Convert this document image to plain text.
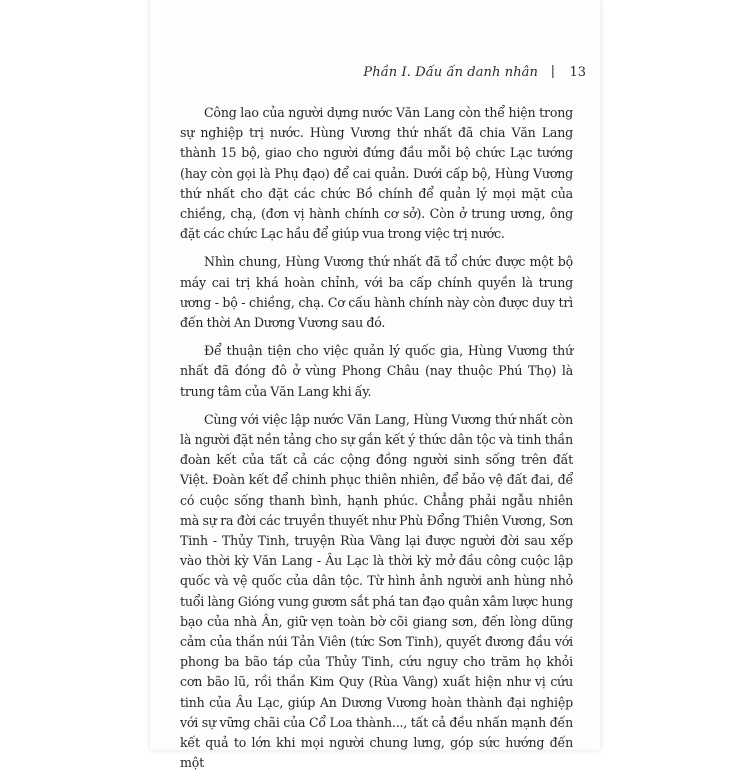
Phần I. Dấu ấn danh nhân | 13

Công lao của người dựng nước Văn Lang còn thể hiện trong sự nghiệp trị nước. Hùng Vương thứ nhất đã chia Văn Lang thành 15 bộ, giao cho người đứng đầu mỗi bộ chức Lạc tướng (hay còn gọi là Phụ đạo) để cai quản. Dưới cấp bộ, Hùng Vương thứ nhất cho đặt các chức Bồ chính để quản lý mọi mặt của chiềng, chạ, (đơn vị hành chính cơ sở). Còn ở trung ương, ông đặt các chức Lạc hầu để giúp vua trong việc trị nước.

Nhìn chung, Hùng Vương thứ nhất đã tổ chức được một bộ máy cai trị khá hoàn chỉnh, với ba cấp chính quyền là trung ương - bộ - chiềng, chạ. Cơ cấu hành chính này còn được duy trì đến thời An Dương Vương sau đó.

Để thuận tiện cho việc quản lý quốc gia, Hùng Vương thứ nhất đã đóng đô ở vùng Phong Châu (nay thuộc Phú Thọ) là trung tâm của Văn Lang khi ấy.

Cùng với việc lập nước Văn Lang, Hùng Vương thứ nhất còn là người đặt nền tảng cho sự gắn kết ý thức dân tộc và tinh thần đoàn kết của tất cả các cộng đồng người sinh sống trên đất Việt. Đoàn kết để chinh phục thiên nhiên, để bảo vệ đất đai, để có cuộc sống thanh bình, hạnh phúc. Chẳng phải ngẫu nhiên mà sự ra đời các truyền thuyết như Phù Đổng Thiên Vương, Sơn Tinh - Thủy Tinh, truyện Rùa Vàng lại được người đời sau xếp vào thời kỳ Văn Lang - Âu Lạc là thời kỳ mở đầu công cuộc lập quốc và vệ quốc của dân tộc. Từ hình ảnh người anh hùng nhỏ tuổi làng Gióng vung gươm sắt phá tan đạo quân xâm lược hung bạo của nhà Ân, giữ vẹn toàn bờ cõi giang sơn, đến lòng dũng cảm của thần núi Tản Viên (tức Sơn Tinh), quyết đương đầu với phong ba bão táp của Thủy Tinh, cứu nguy cho trăm họ khỏi cơn bão lũ, rồi thần Kim Quy (Rùa Vàng) xuất hiện như vị cứu tinh của Âu Lạc, giúp An Dương Vương hoàn thành đại nghiệp với sự vững chãi của Cổ Loa thành..., tất cả đều nhấn mạnh đến kết quả to lớn khi mọi người chung lưng, góp sức hướng đến một
